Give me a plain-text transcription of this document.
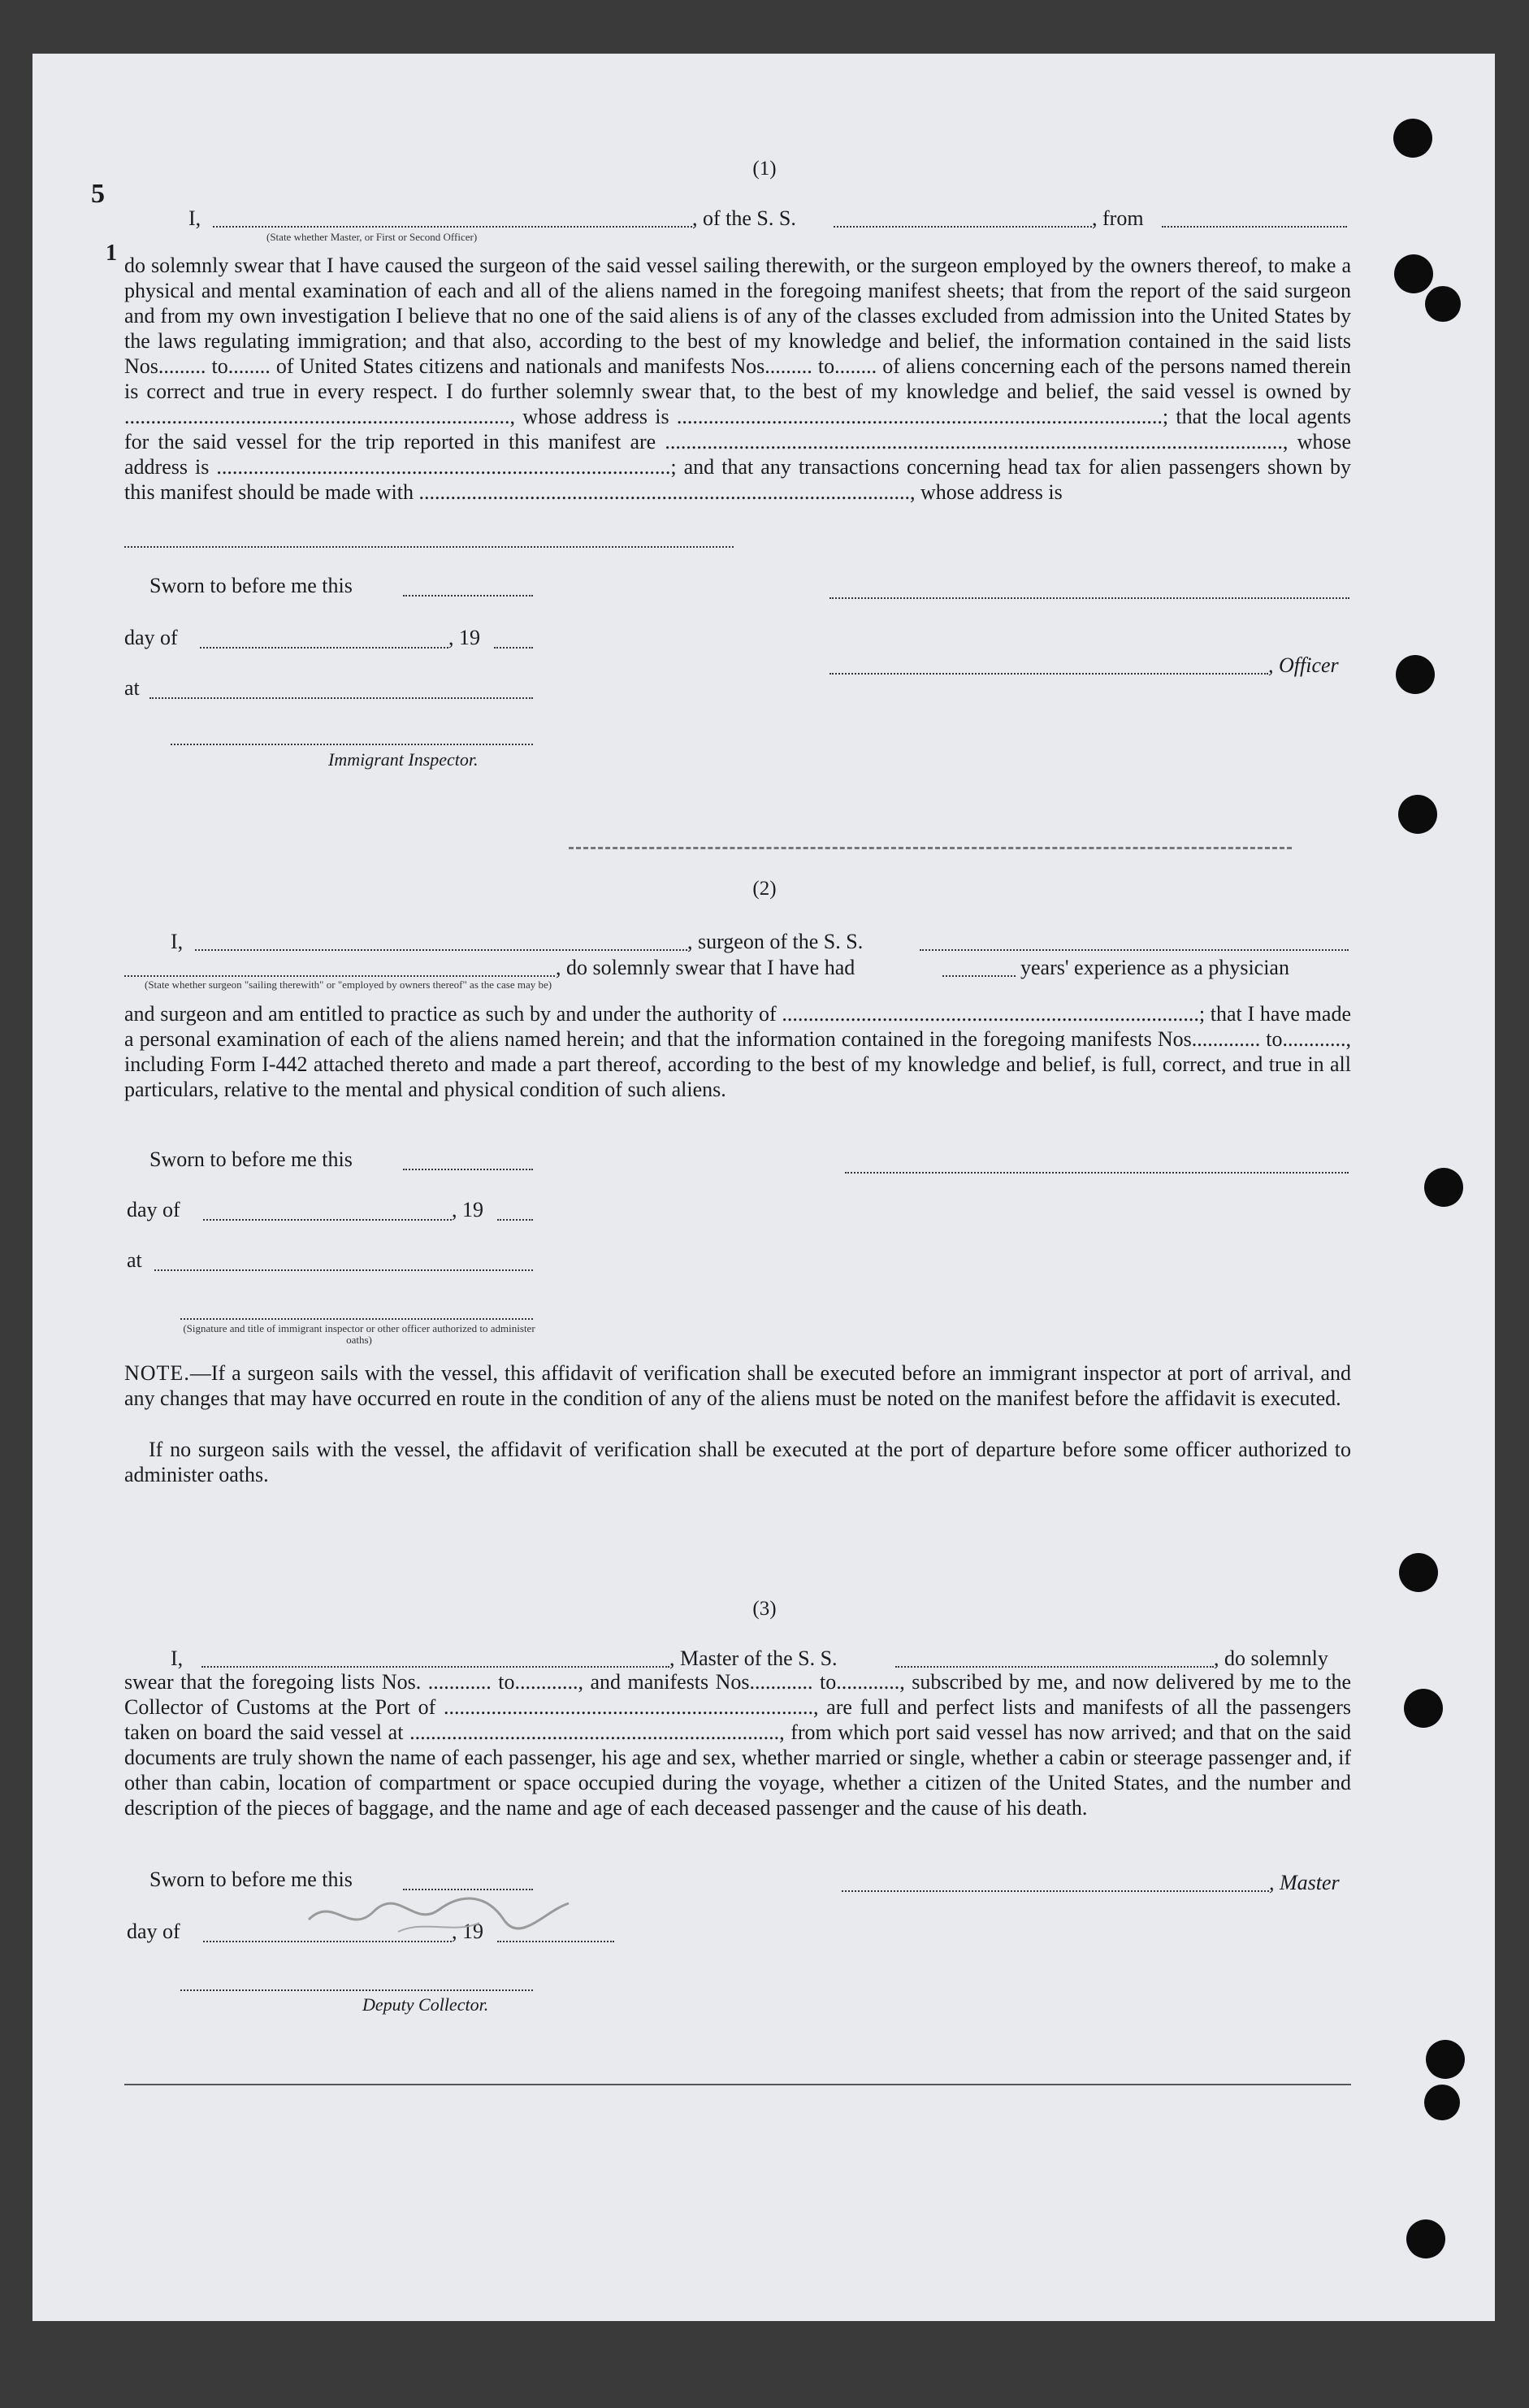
5
1
(1)
I,	, of the S. S.	, from
(State whether Master, or First or Second Officer)
do solemnly swear that I have caused the surgeon of the said vessel sailing therewith, or the surgeon employed by the owners thereof, to make a physical and mental examination of each and all of the aliens named in the foregoing manifest sheets; that from the report of the said surgeon and from my own investigation I believe that no one of the said aliens is of any of the classes excluded from admission into the United States by the laws regulating immigration; and that also, according to the best of my knowledge and belief, the information contained in the said lists Nos......... to........ of United States citizens and nationals and manifests Nos......... to........ of aliens concerning each of the persons named therein is correct and true in every respect. I do further solemnly swear that, to the best of my knowledge and belief, the said vessel is owned by ........................................................................., whose address is ............................................................................................; that the local agents for the said vessel for the trip reported in this manifest are ....................................................................................................................., whose address is ......................................................................................; and that any transactions concerning head tax for alien passengers shown by this manifest should be made with ............................................................................................., whose address is
Sworn to before me this
day of	, 19
, Officer
at
Immigrant Inspector.
(2)
I,	, surgeon of the S. S.
, do solemnly swear that I have had	years' experience as a physician
(State whether surgeon "sailing therewith" or "employed by owners thereof" as the case may be)
and surgeon and am entitled to practice as such by and under the authority of ...............................................................................; that I have made a personal examination of each of the aliens named herein; and that the information contained in the foregoing manifests Nos............. to............, including Form I-442 attached thereto and made a part thereof, according to the best of my knowledge and belief, is full, correct, and true in all particulars, relative to the mental and physical condition of such aliens.
Sworn to before me this
day of	, 19
at
(Signature and title of immigrant inspector or other officer authorized to administer oaths)
NOTE.—If a surgeon sails with the vessel, this affidavit of verification shall be executed before an immigrant inspector at port of arrival, and any changes that may have occurred en route in the condition of any of the aliens must be noted on the manifest before the affidavit is executed.
If no surgeon sails with the vessel, the affidavit of verification shall be executed at the port of departure before some officer authorized to administer oaths.
(3)
I,	, Master of the S. S.	, do solemnly
swear that the foregoing lists Nos. ............ to............, and manifests Nos............ to............, subscribed by me, and now delivered by me to the Collector of Customs at the Port of ......................................................................, are full and perfect lists and manifests of all the passengers taken on board the said vessel at ......................................................................, from which port said vessel has now arrived; and that on the said documents are truly shown the name of each passenger, his age and sex, whether married or single, whether a cabin or steerage passenger and, if other than cabin, location of compartment or space occupied during the voyage, whether a citizen of the United States, and the number and description of the pieces of baggage, and the name and age of each deceased passenger and the cause of his death.
Sworn to before me this	, Master
day of	, 19
Deputy Collector.
